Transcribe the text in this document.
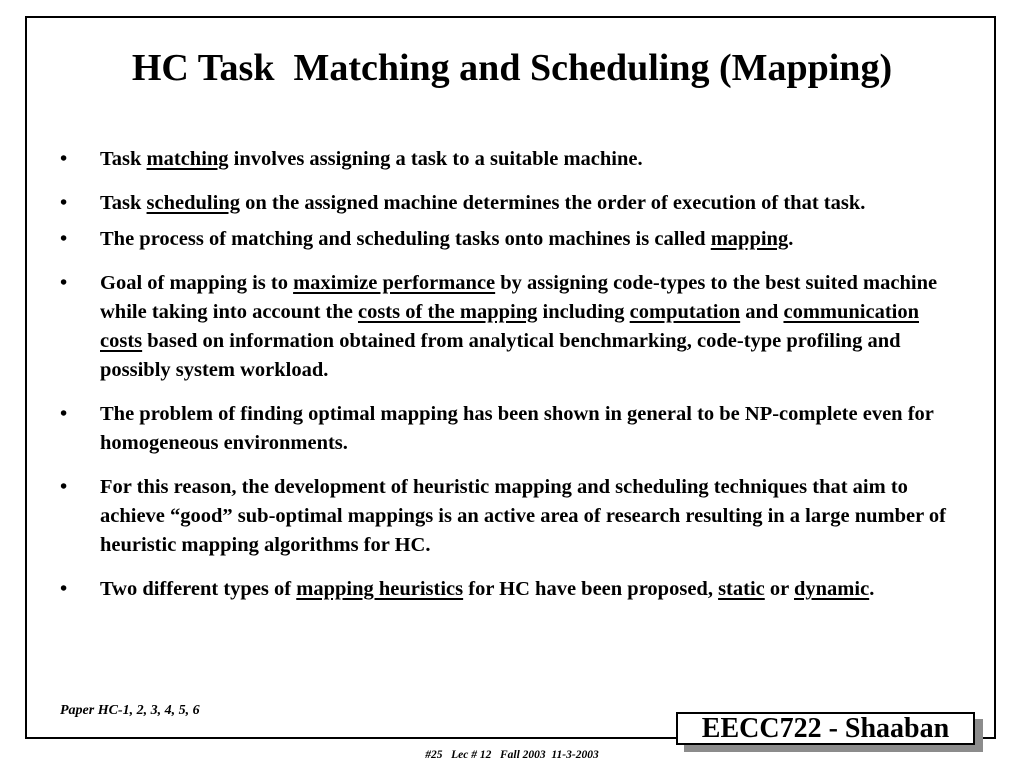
HC Task  Matching and Scheduling (Mapping)
• Task matching involves assigning a task to a suitable machine.
• Task scheduling on the assigned machine determines the order of execution of that task.
• The process of matching and scheduling tasks onto machines is called mapping.
• Goal of mapping is to maximize performance by assigning code-types to the best suited machine while taking into account the costs of the mapping including computation and communication costs based on information obtained from analytical benchmarking, code-type profiling and possibly system workload.
• The problem of finding optimal mapping has been shown in general to be NP-complete even for homogeneous environments.
• For this reason, the development of heuristic mapping and scheduling techniques that aim to achieve “good” sub-optimal mappings is an active area of research resulting in a large number of heuristic mapping algorithms for HC.
• Two different types of mapping heuristics for HC have been proposed, static or dynamic.
Paper HC-1, 2, 3, 4, 5, 6
EECC722 - Shaaban
#25   Lec # 12   Fall 2003  11-3-2003
